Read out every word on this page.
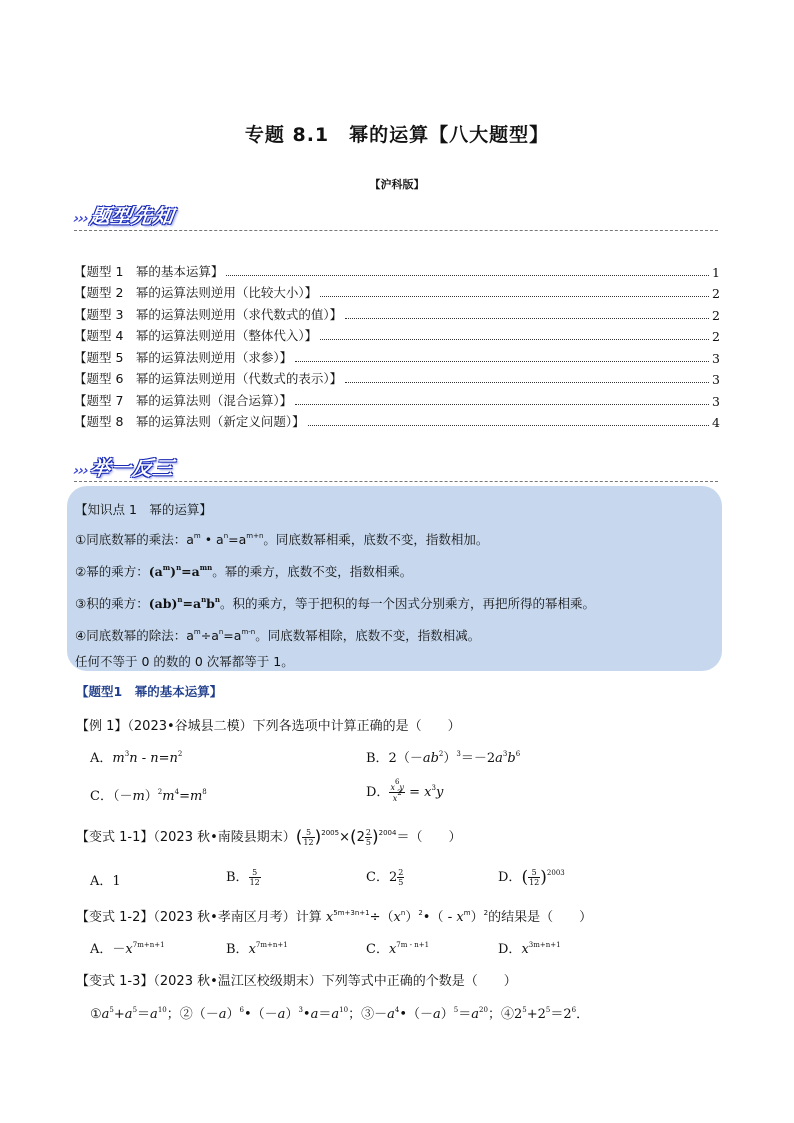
专题 8.1　幂的运算【八大题型】
【沪科版】
›››题型先知
【题型 1　幂的基本运算】	1
【题型 2　幂的运算法则逆用（比较大小）】	2
【题型 3　幂的运算法则逆用（求代数式的值）】	2
【题型 4　幂的运算法则逆用（整体代入）】	2
【题型 5　幂的运算法则逆用（求参）】	3
【题型 6　幂的运算法则逆用（代数式的表示）】	3
【题型 7　幂的运算法则（混合运算）】	3
【题型 8　幂的运算法则（新定义问题）】	4
›››举一反三
【知识点 1　幂的运算】
①同底数幂的乘法：$a^m$ • $a^n=a^{m+n}$。同底数幂相乘，底数不变，指数相加。
②幂的乘方：$(a^m)^n=a^{mn}$。幂的乘方，底数不变，指数相乘。
③积的乘方：$(ab)^n=a^nb^n$。积的乘方，等于把积的每一个因式分别乘方，再把所得的幂相乘。
④同底数幂的除法：$a^m\div a^n=a^{m-n}$。同底数幂相除，底数不变，指数相减。
任何不等于 0 的数的 0 次幂都等于 1。
【题型1　幂的基本运算】
【例 1】（2023•谷城县二模）下列各选项中计算正确的是（　　）
A．$m^3n - n=n^2$	B．$2(-ab^2)^3=-2a^3b^6$
C．$(-m)^2m^4=m^8$	D． $\frac{x^6y}{x^2} = x^3y$
【变式 1-1】（2023 秋•南陵县期末）( $\frac{5}{12} )^{2005}\times(2 \frac{2}{5} )^{2004}=$（　　）
A．1	B． $\frac{5}{12}$	C．$2 \frac{2}{5}$	D．( $\frac{5}{12} )^{2003}$
【变式 1-2】（2023 秋•孝南区月考）计算 $x^{5m+3n+1}\div(x^n)^2•( - x^m)^2$的结果是（　　）
A．$-x^{7m+n+1}$	B．$x^{7m+n+1}$	C．$x^{7m - n+1}$	D．$x^{3m+n+1}$
【变式 1-3】（2023 秋•温江区校级期末）下列等式中正确的个数是（　　）
$①a^5+a^5=a^{10}$；$②(-a)^6•(-a)^3•a=a^{10}$；$③-a^4•(-a)^5=a^{20}$；$④2^5+2^5=2^6$．
